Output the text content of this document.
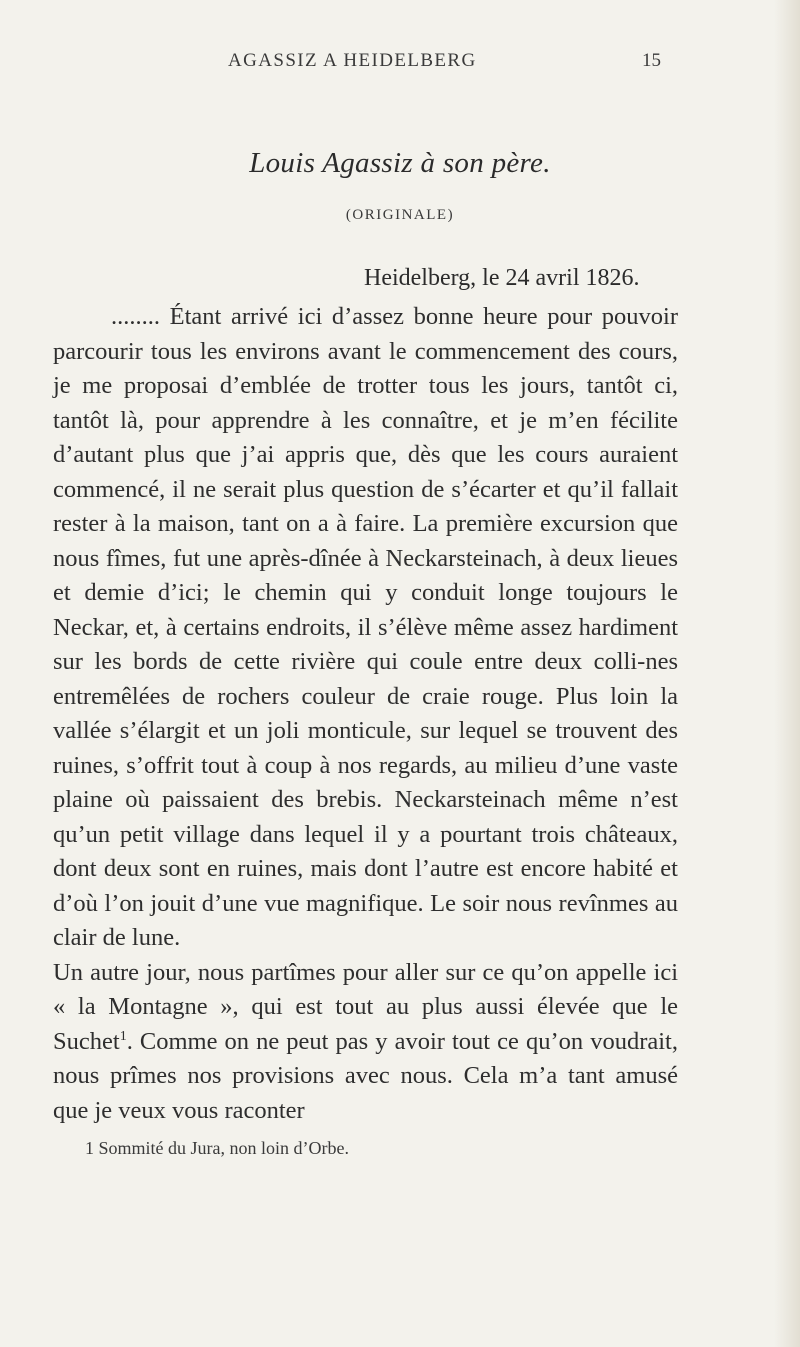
AGASSIZ A HEIDELBERG	15
Louis Agassiz à son père.
(ORIGINALE)
Heidelberg, le 24 avril 1826.

........ Étant arrivé ici d’assez bonne heure pour pouvoir parcourir tous les environs avant le commencement des cours, je me proposai d’emblée de trotter tous les jours, tantôt ci, tantôt là, pour apprendre à les connaître, et je m’en fécilite d’autant plus que j’ai appris que, dès que les cours auraient commencé, il ne serait plus question de s’écarter et qu’il fallait rester à la maison, tant on a à faire. La première excursion que nous fîmes, fut une après-dînée à Neckarsteinach, à deux lieues et demie d’ici; le chemin qui y conduit longe toujours le Neckar, et, à certains endroits, il s’élève même assez hardiment sur les bords de cette rivière qui coule entre deux colli-nes entremêlées de rochers couleur de craie rouge. Plus loin la vallée s’élargit et un joli monticule, sur lequel se trouvent des ruines, s’offrit tout à coup à nos regards, au milieu d’une vaste plaine où paissaient des brebis. Neckarsteinach même n’est qu’un petit village dans lequel il y a pourtant trois châteaux, dont deux sont en ruines, mais dont l’autre est encore habité et d’où l’on jouit d’une vue magnifique. Le soir nous revînmes au clair de lune.

Un autre jour, nous partîmes pour aller sur ce qu’on appelle ici « la Montagne », qui est tout au plus aussi élevée que le Suchet$^1$. Comme on ne peut pas y avoir tout ce qu’on voudrait, nous prîmes nos provisions avec nous. Cela m’a tant amusé que je veux vous raconter

1 Sommité du Jura, non loin d’Orbe.
